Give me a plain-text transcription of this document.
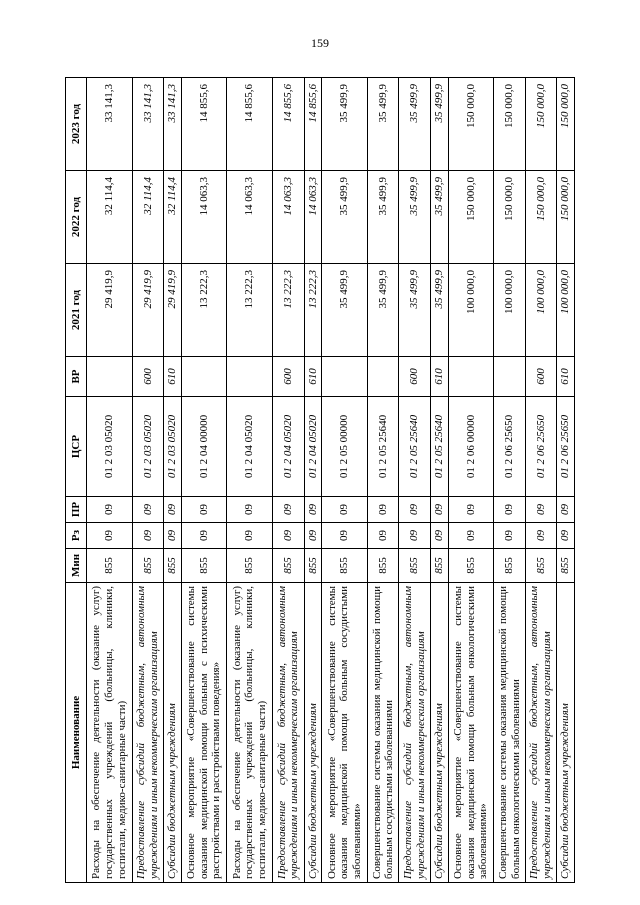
159
Наименование	Мин	Рз	ПР	ЦСР	ВР	2021 год	2022 год	2023 год
Расходы на обеспечение деятельности (оказание услуг) государственных учреждений (больницы, клиники, госпитали, медико-санитарные части)	855	09	09	01 2 03 05020		29 419,9	32 114,4	33 141,3
Предоставление субсидий бюджетным, автономным учреждениям и иным некоммерческим организациям	855	09	09	01 2 03 05020	600	29 419,9	32 114,4	33 141,3
Субсидии бюджетным учреждениям	855	09	09	01 2 03 05020	610	29 419,9	32 114,4	33 141,3
Основное мероприятие «Совершенствование системы оказания медицинской помощи больным с психическими расстройствами и расстройствами поведения»	855	09	09	01 2 04 00000		13 222,3	14 063,3	14 855,6
Расходы на обеспечение деятельности (оказание услуг) государственных учреждений (больницы, клиники, госпитали, медико-санитарные части)	855	09	09	01 2 04 05020		13 222,3	14 063,3	14 855,6
Предоставление субсидий бюджетным, автономным учреждениям и иным некоммерческим организациям	855	09	09	01 2 04 05020	600	13 222,3	14 063,3	14 855,6
Субсидии бюджетным учреждениям	855	09	09	01 2 04 05020	610	13 222,3	14 063,3	14 855,6
Основное мероприятие «Совершенствование системы оказания медицинской помощи больным сосудистыми заболеваниями»	855	09	09	01 2 05 00000		35 499,9	35 499,9	35 499,9
Совершенствование системы оказания медицинской помощи больным сосудистыми заболеваниями	855	09	09	01 2 05 25640		35 499,9	35 499,9	35 499,9
Предоставление субсидий бюджетным, автономным учреждениям и иным некоммерческим организациям	855	09	09	01 2 05 25640	600	35 499,9	35 499,9	35 499,9
Субсидии бюджетным учреждениям	855	09	09	01 2 05 25640	610	35 499,9	35 499,9	35 499,9
Основное мероприятие «Совершенствование системы оказания медицинской помощи больным онкологическими заболеваниями»	855	09	09	01 2 06 00000		100 000,0	150 000,0	150 000,0
Совершенствование системы оказания медицинской помощи больным онкологическими заболеваниями	855	09	09	01 2 06 25650		100 000,0	150 000,0	150 000,0
Предоставление субсидий бюджетным, автономным учреждениям и иным некоммерческим организациям	855	09	09	01 2 06 25650	600	100 000,0	150 000,0	150 000,0
Субсидии бюджетным учреждениям	855	09	09	01 2 06 25650	610	100 000,0	150 000,0	150 000,0
